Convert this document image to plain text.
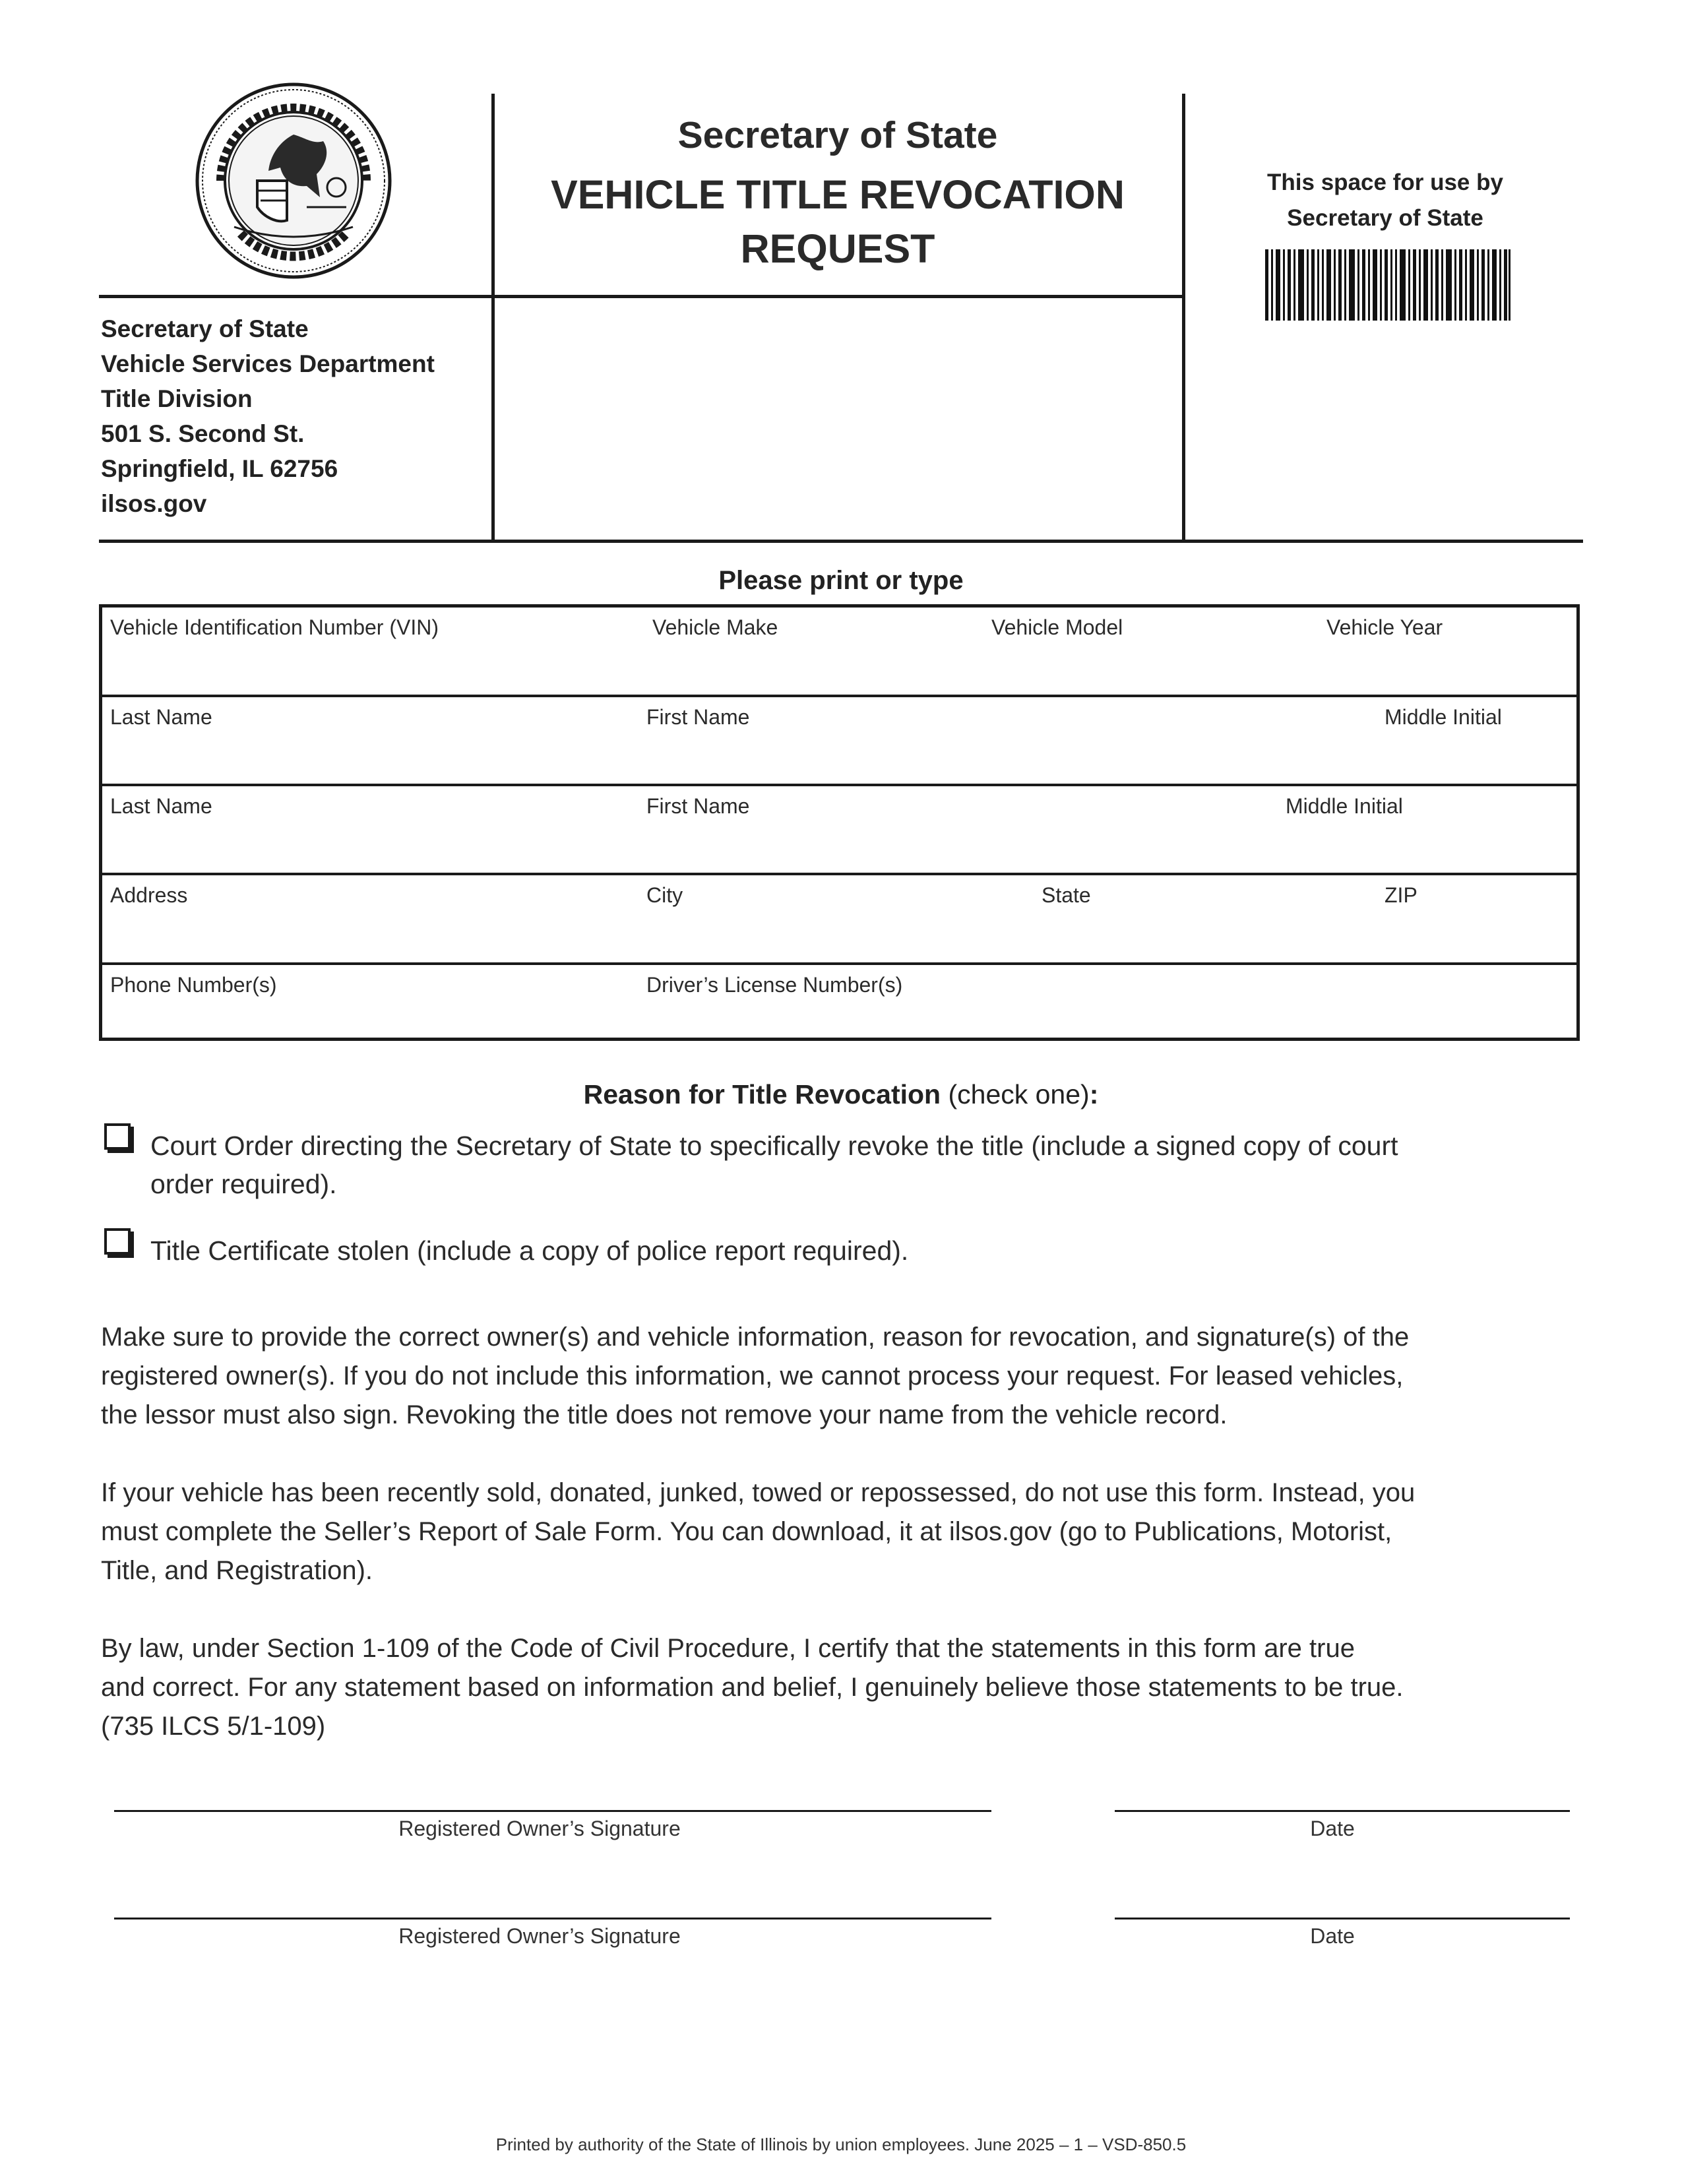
Secretary of State
VEHICLE TITLE REVOCATION
REQUEST
This space for use by
Secretary of State
Secretary of State
Vehicle Services Department
Title Division
501 S. Second St.
Springfield, IL 62756
ilsos.gov
Please print or type
Vehicle Identification Number (VIN)	Vehicle Make	Vehicle Model	Vehicle Year
Last Name	First Name	Middle Initial
Last Name	First Name	Middle Initial
Address	City	State	ZIP
Phone Number(s)	Driver’s License Number(s)
Reason for Title Revocation (check one):
Court Order directing the Secretary of State to specifically revoke the title (include a signed copy of court
order required).
Title Certificate stolen (include a copy of police report required).
Make sure to provide the correct owner(s) and vehicle information, reason for revocation, and signature(s) of the
registered owner(s). If you do not include this information, we cannot process your request. For leased vehicles,
the lessor must also sign. Revoking the title does not remove your name from the vehicle record.
If your vehicle has been recently sold, donated, junked, towed or repossessed, do not use this form. Instead, you
must complete the Seller’s Report of Sale Form. You can download, it at ilsos.gov (go to Publications, Motorist,
Title, and Registration).
By law, under Section 1-109 of the Code of Civil Procedure, I certify that the statements in this form are true
and correct. For any statement based on information and belief, I genuinely believe those statements to be true.
(735 ILCS 5/1-109)
Registered Owner’s Signature	Date
Registered Owner’s Signature	Date
Printed by authority of the State of Illinois by union employees. June 2025 – 1 – VSD-850.5
